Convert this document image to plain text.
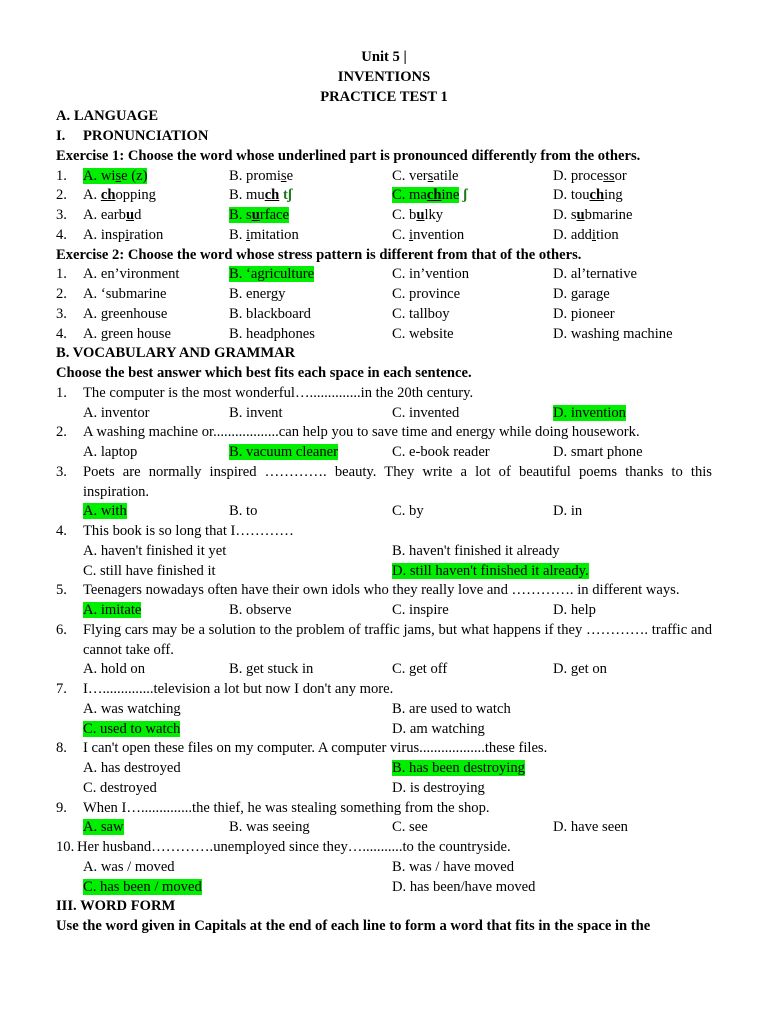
Unit 5 |
INVENTIONS
PRACTICE TEST 1
A. LANGUAGE
I. PRONUNCIATION
Exercise 1: Choose the word whose underlined part is pronounced differently from the others.
1. A. wise (z)	B. promise	C. versatile	D. processor
2. A. chopping	B. much tʃ	C. machine ʃ	D. touching
3. A. earbud	B. surface	C. bulky	D. submarine
4. A. inspiration	B. imitation	C. invention	D. addition
Exercise 2: Choose the word whose stress pattern is different from that of the others.
1. A. en’vironment	B. ‘agriculture	C. in’vention	D. al’ternative
2. A. ‘submarine	B. energy	C. province	D. garage
3. A. greenhouse	B. blackboard	C. tallboy	D. pioneer
4. A. green house	B. headphones	C. website	D. washing machine
B. VOCABULARY AND GRAMMAR
Choose the best answer which best fits each space in each sentence.
1. The computer is the most wonderful…..............in the 20th century.
A. inventor	B. invent	C. invented	D. invention
2. A washing machine or..................can help you to save time and energy while doing housework.
A. laptop	B. vacuum cleaner	C. e-book reader	D. smart phone
3. Poets are normally inspired …………. beauty. They write a lot of beautiful poems thanks to this inspiration.
A. with	B. to	C. by	D. in
4. This book is so long that I…………
A. haven't finished it yet	B. haven't finished it already
C. still have finished it	D. still haven't finished it already.
5. Teenagers nowadays often have their own idols who they really love and …………. in different ways.
A. imitate	B. observe	C. inspire	D. help
6. Flying cars may be a solution to the problem of traffic jams, but what happens if they …………. traffic and cannot take off.
A. hold on	B. get stuck in	C. get off	D. get on
7. I…..............television a lot but now I don't any more.
A. was watching	B. are used to watch
C. used to watch	D. am watching
8. I can't open these files on my computer. A computer virus..................these files.
A. has destroyed	B. has been destroying
C. destroyed	D. is destroying
9. When I…..............the thief, he was stealing something from the shop.
A. saw	B. was seeing	C. see	D. have seen
10. Her husband………….unemployed since they…...........to the countryside.
A. was / moved	B. was / have moved
C. has been / moved	D. has been/have moved
III. WORD FORM
Use the word given in Capitals at the end of each line to form a word that fits in the space in the
